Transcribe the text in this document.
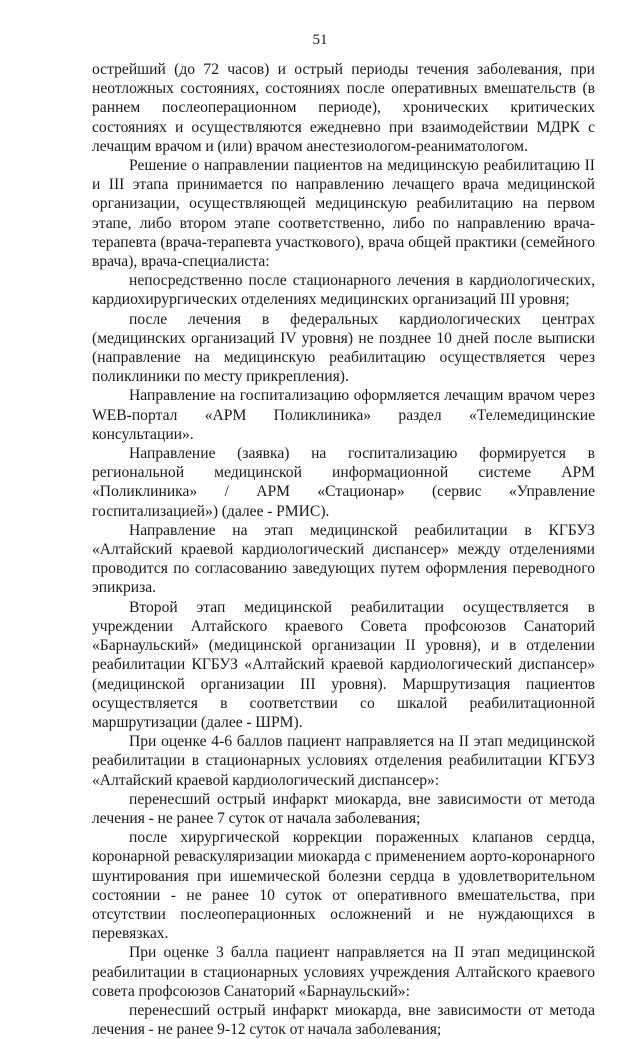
51

острейший (до 72 часов) и острый периоды течения заболевания, при неотложных состояниях, состояниях после оперативных вмешательств (в раннем послеоперационном периоде), хронических критических состояниях и осуществляются ежедневно при взаимодействии МДРК с лечащим врачом и (или) врачом анестезиологом-реаниматологом.

Решение о направлении пациентов на медицинскую реабилитацию II и III этапа принимается по направлению лечащего врача медицинской организации, осуществляющей медицинскую реабилитацию на первом этапе, либо втором этапе соответственно, либо по направлению врача-терапевта (врача-терапевта участкового), врача общей практики (семейного врача), врача-специалиста:

непосредственно после стационарного лечения в кардиологических, кардиохирургических отделениях медицинских организаций III уровня;

после лечения в федеральных кардиологических центрах (медицинских организаций IV уровня) не позднее 10 дней после выписки (направление на медицинскую реабилитацию осуществляется через поликлиники по месту прикрепления).

Направление на госпитализацию оформляется лечащим врачом через WEB-портал «АРМ Поликлиника» раздел «Телемедицинские консультации».

Направление (заявка) на госпитализацию формируется в региональной медицинской информационной системе АРМ «Поликлиника» / АРМ «Стационар» (сервис «Управление госпитализацией») (далее - РМИС).

Направление на этап медицинской реабилитации в КГБУЗ «Алтайский краевой кардиологический диспансер» между отделениями проводится по согласованию заведующих путем оформления переводного эпикриза.

Второй этап медицинской реабилитации осуществляется в учреждении Алтайского краевого Совета профсоюзов Санаторий «Барнаульский» (медицинской организации II уровня), и в отделении реабилитации КГБУЗ «Алтайский краевой кардиологический диспансер» (медицинской организации III уровня). Маршрутизация пациентов осуществляется в соответствии со шкалой реабилитационной маршрутизации (далее - ШРМ).

При оценке 4-6 баллов пациент направляется на II этап медицинской реабилитации в стационарных условиях отделения реабилитации КГБУЗ «Алтайский краевой кардиологический диспансер»:

перенесший острый инфаркт миокарда, вне зависимости от метода лечения - не ранее 7 суток от начала заболевания;

после хирургической коррекции пораженных клапанов сердца, коронарной реваскуляризации миокарда с применением аорто-коронарного шунтирования при ишемической болезни сердца в удовлетворительном состоянии - не ранее 10 суток от оперативного вмешательства, при отсутствии послеоперационных осложнений и не нуждающихся в перевязках.

При оценке 3 балла пациент направляется на II этап медицинской реабилитации в стационарных условиях учреждения Алтайского краевого совета профсоюзов Санаторий «Барнаульский»:

перенесший острый инфаркт миокарда, вне зависимости от метода лечения - не ранее 9-12 суток от начала заболевания;
